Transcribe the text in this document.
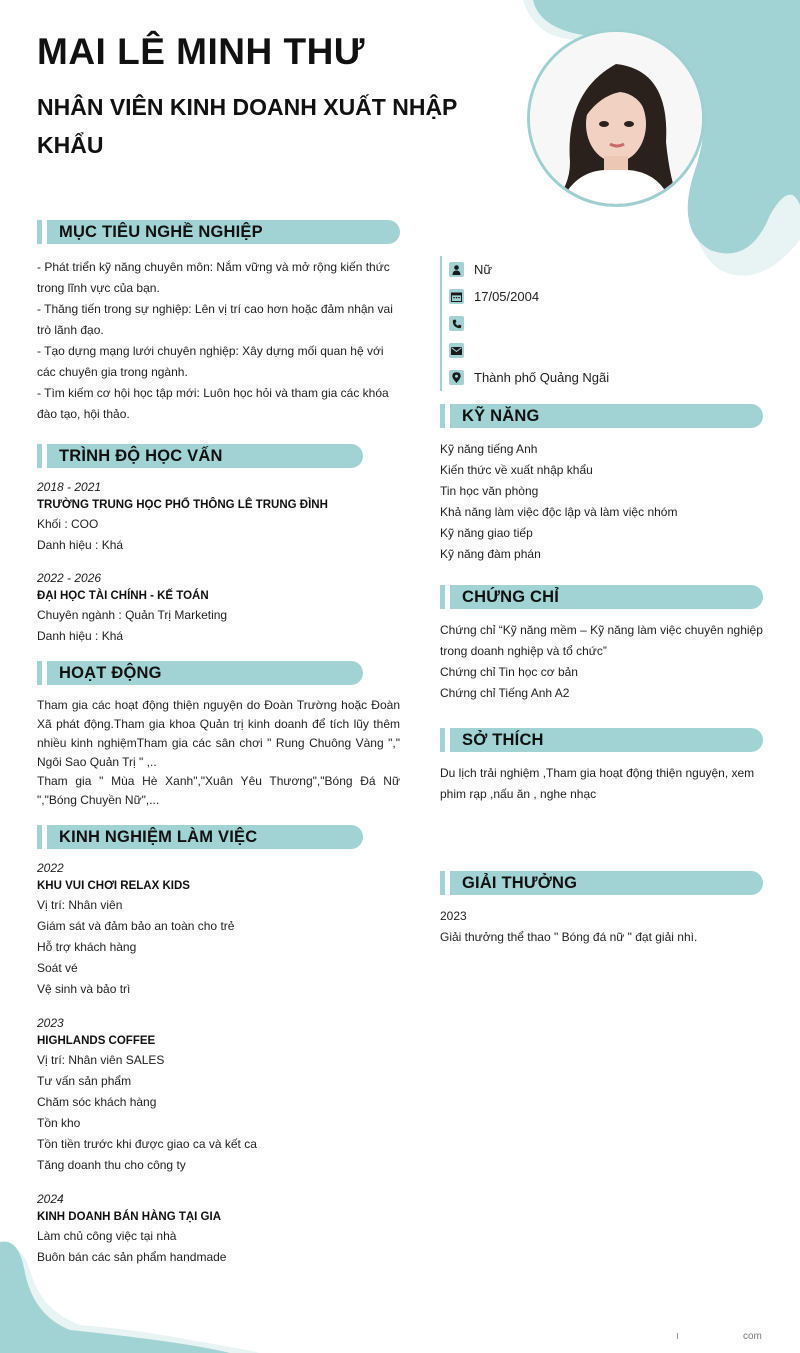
MAI LÊ MINH THƯ
NHÂN VIÊN KINH DOANH XUẤT NHẬP KHẨU
MỤC TIÊU NGHỀ NGHIỆP
- Phát triển kỹ năng chuyên môn: Nắm vững và mở rộng kiến thức trong lĩnh vực của bạn.
- Thăng tiến trong sự nghiệp: Lên vị trí cao hơn hoặc đảm nhận vai trò lãnh đạo.
- Tạo dựng mạng lưới chuyên nghiệp: Xây dựng mối quan hệ với các chuyên gia trong ngành.
- Tìm kiếm cơ hội học tập mới: Luôn học hỏi và tham gia các khóa đào tạo, hội thảo.
TRÌNH ĐỘ HỌC VẤN
2018 - 2021
TRƯỜNG TRUNG HỌC PHỔ THÔNG LÊ TRUNG ĐÌNH
Khối : COO
Danh hiệu : Khá
2022 - 2026
ĐẠI HỌC TÀI CHÍNH - KẾ TOÁN
Chuyên ngành : Quản Trị Marketing
Danh hiệu : Khá
HOẠT ĐỘNG
Tham gia các hoạt động thiện nguyện do Đoàn Trường hoặc Đoàn Xã phát động.Tham gia khoa Quản trị kinh doanh để tích lũy thêm nhiều kinh nghiệmTham gia các sân chơi " Rung Chuông Vàng "," Ngôi Sao Quản Trị " ,..
Tham gia " Mùa Hè Xanh","Xuân Yêu Thương","Bóng Đá Nữ ","Bóng Chuyền Nữ",...
KINH NGHIỆM LÀM VIỆC
2022
KHU VUI CHƠI RELAX KIDS
Vị trí: Nhân viên
Giám sát và đảm bảo an toàn cho trẻ
Hỗ trợ khách hàng
Soát vé
Vệ sinh và bảo trì
2023
HIGHLANDS COFFEE
Vị trí: Nhân viên SALES
Tư vấn sản phẩm
Chăm sóc khách hàng
Tồn kho
Tồn tiền trước khi được giao ca và kết ca
Tăng doanh thu cho công ty
2024
KINH DOANH BÁN HÀNG TẠI GIA
Làm chủ công việc tại nhà
Buôn bán các sản phẩm handmade
Nữ
17/05/2004
Thành phố Quảng Ngãi
KỸ NĂNG
Kỹ năng tiếng Anh
Kiến thức về xuất nhập khẩu
Tin học văn phòng
Khả năng làm việc độc lập và làm việc nhóm
Kỹ năng giao tiếp
Kỹ năng đàm phán
CHỨNG CHỈ
Chứng chỉ “Kỹ năng mềm – Kỹ năng làm việc chuyên nghiệp trong doanh nghiệp và tổ chức”
Chứng chỉ Tin học cơ bản
Chứng chỉ Tiếng Anh A2
SỞ THÍCH
Du lịch trải nghiệm ,Tham gia hoạt động thiện nguyện, xem phim rạp ,nấu ăn , nghe nhạc
GIẢI THƯỞNG
2023
Giải thưởng thể thao " Bóng đá nữ " đạt giải nhì.
com
